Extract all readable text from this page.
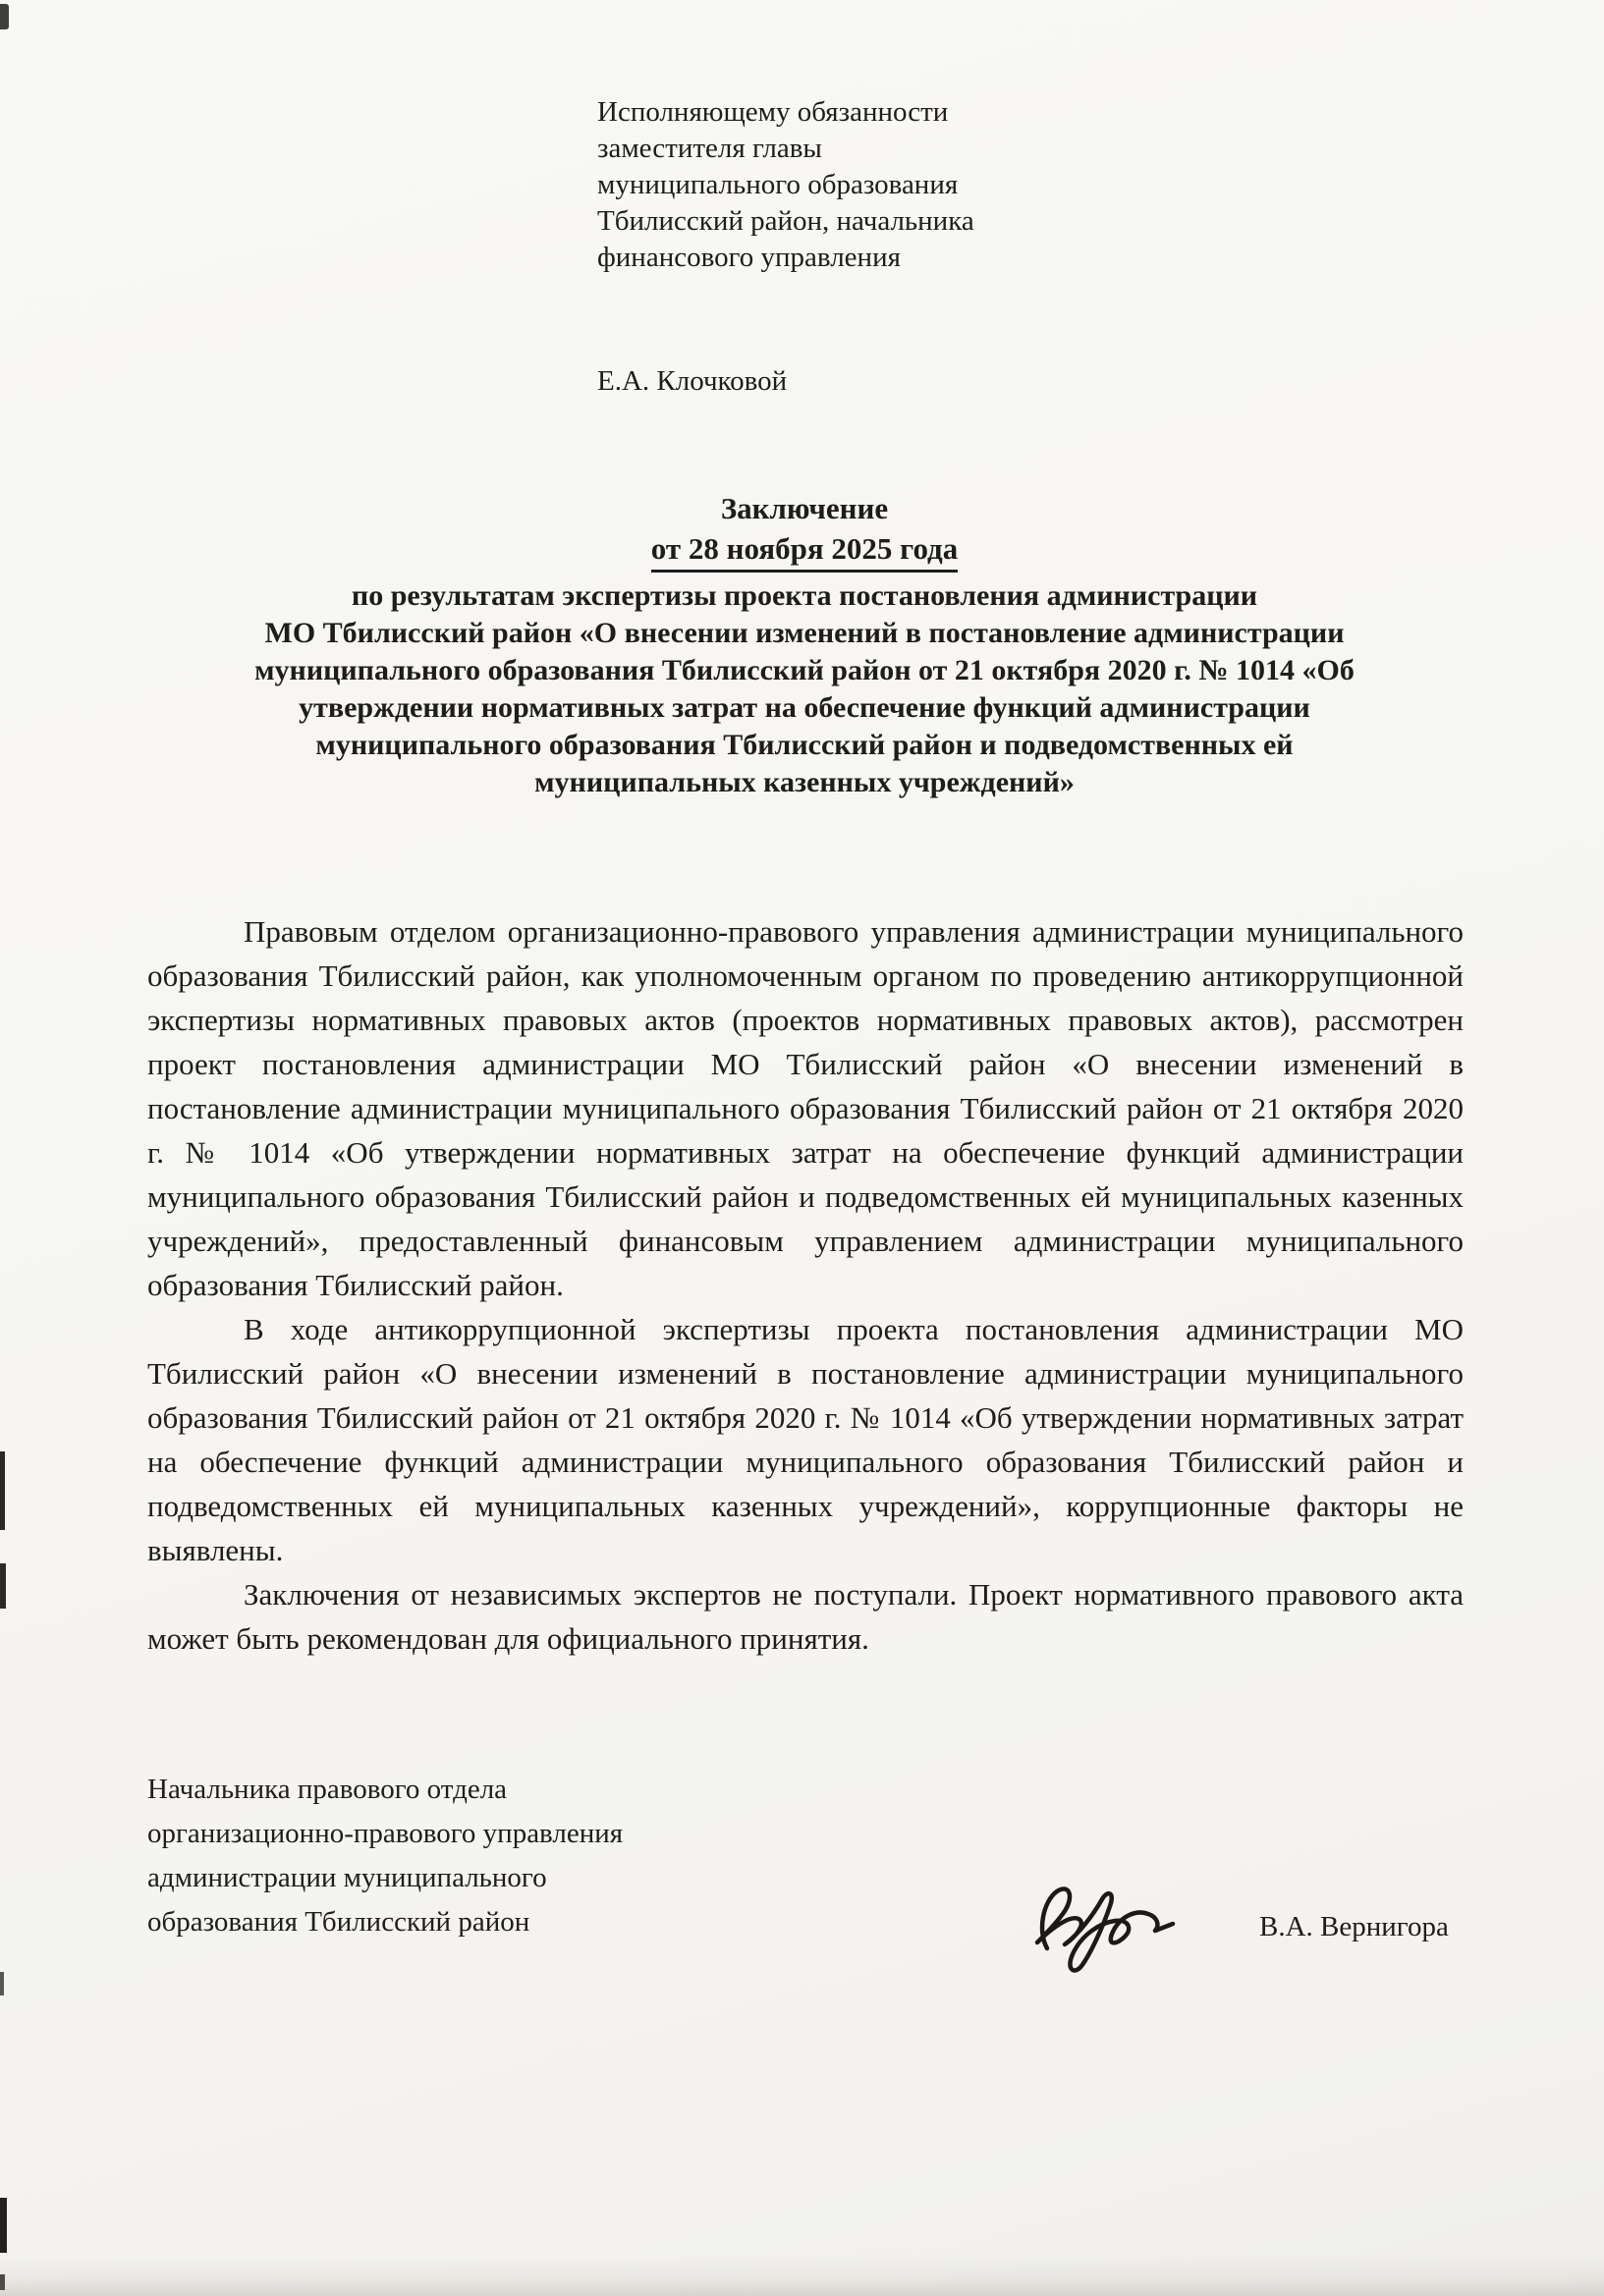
Исполняющему обязанности
заместителя главы
муниципального образования
Тбилисский район, начальника
финансового управления
Е.А. Клочковой
Заключение
от 28 ноября 2025 года
по результатам экспертизы проекта постановления администрации
МО Тбилисский район «О внесении изменений в постановление администрации
муниципального образования Тбилисский район от 21 октября 2020 г. № 1014 «Об
утверждении нормативных затрат на обеспечение функций администрации
муниципального образования Тбилисский район и подведомственных ей
муниципальных казенных учреждений»

Правовым отделом организационно-правового управления администрации муниципального образования Тбилисский район, как уполномоченным органом по проведению антикоррупционной экспертизы нормативных правовых актов (проектов нормативных правовых актов), рассмотрен проект постановления администрации МО Тбилисский район «О внесении изменений в постановление администрации муниципального образования Тбилисский район от 21 октября 2020 г. № 1014 «Об утверждении нормативных затрат на обеспечение функций администрации муниципального образования Тбилисский район и подведомственных ей муниципальных казенных учреждений», предоставленный финансовым управлением администрации муниципального образования Тбилисский район.

В ходе антикоррупционной экспертизы проекта постановления администрации МО Тбилисский район «О внесении изменений в постановление администрации муниципального образования Тбилисский район от 21 октября 2020 г. № 1014 «Об утверждении нормативных затрат на обеспечение функций администрации муниципального образования Тбилисский район и подведомственных ей муниципальных казенных учреждений», коррупционные факторы не выявлены.

Заключения от независимых экспертов не поступали. Проект нормативного правового акта может быть рекомендован для официального принятия.

Начальника правового отдела
организационно-правового управления
администрации муниципального
образования Тбилисский район	В.А. Вернигора
